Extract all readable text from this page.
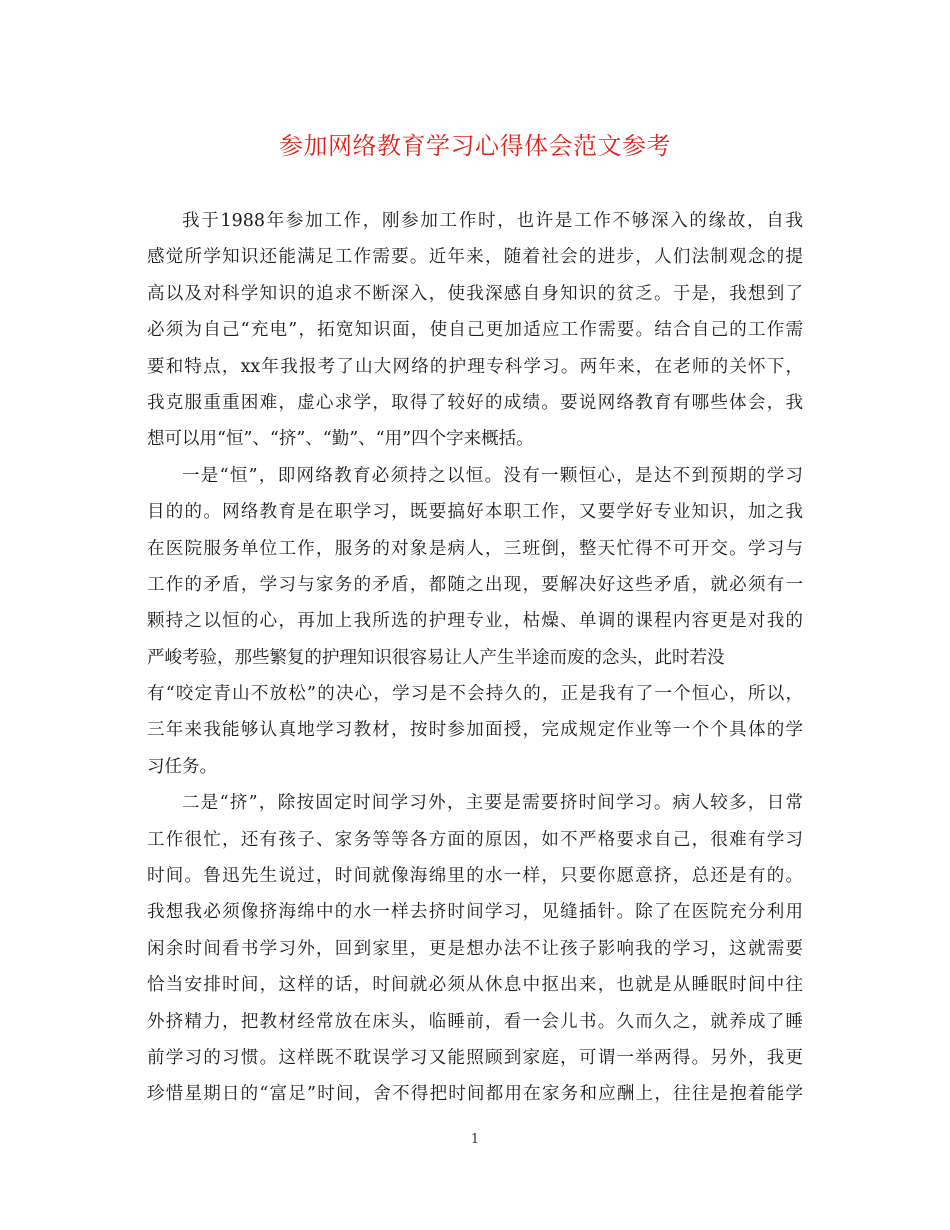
参加网络教育学习心得体会范文参考
我于1988年参加工作，刚参加工作时，也许是工作不够深入的缘故，自我
感觉所学知识还能满足工作需要。近年来，随着社会的进步，人们法制观念的提
高以及对科学知识的追求不断深入，使我深感自身知识的贫乏。于是，我想到了
必须为自己“充电”，拓宽知识面，使自己更加适应工作需要。结合自己的工作需
要和特点，xx年我报考了山大网络的护理专科学习。两年来，在老师的关怀下，
我克服重重困难，虚心求学，取得了较好的成绩。要说网络教育有哪些体会，我
想可以用“恒”、“挤”、“勤”、“用”四个字来概括。
一是“恒”，即网络教育必须持之以恒。没有一颗恒心，是达不到预期的学习
目的的。网络教育是在职学习，既要搞好本职工作，又要学好专业知识，加之我
在医院服务单位工作，服务的对象是病人，三班倒，整天忙得不可开交。学习与
工作的矛盾，学习与家务的矛盾，都随之出现，要解决好这些矛盾，就必须有一
颗持之以恒的心，再加上我所选的护理专业，枯燥、单调的课程内容更是对我的
严峻考验，那些繁复的护理知识很容易让人产生半途而废的念头，此时若没
有“咬定青山不放松”的决心，学习是不会持久的，正是我有了一个恒心，所以，
三年来我能够认真地学习教材，按时参加面授，完成规定作业等一个个具体的学
习任务。
二是“挤”，除按固定时间学习外，主要是需要挤时间学习。病人较多，日常
工作很忙，还有孩子、家务等等各方面的原因，如不严格要求自己，很难有学习
时间。鲁迅先生说过，时间就像海绵里的水一样，只要你愿意挤，总还是有的。
我想我必须像挤海绵中的水一样去挤时间学习，见缝插针。除了在医院充分利用
闲余时间看书学习外，回到家里，更是想办法不让孩子影响我的学习，这就需要
恰当安排时间，这样的话，时间就必须从休息中抠出来，也就是从睡眠时间中往
外挤精力，把教材经常放在床头，临睡前，看一会儿书。久而久之，就养成了睡
前学习的习惯。这样既不耽误学习又能照顾到家庭，可谓一举两得。另外，我更
珍惜星期日的“富足”时间，舍不得把时间都用在家务和应酬上，往往是抱着能学
1
